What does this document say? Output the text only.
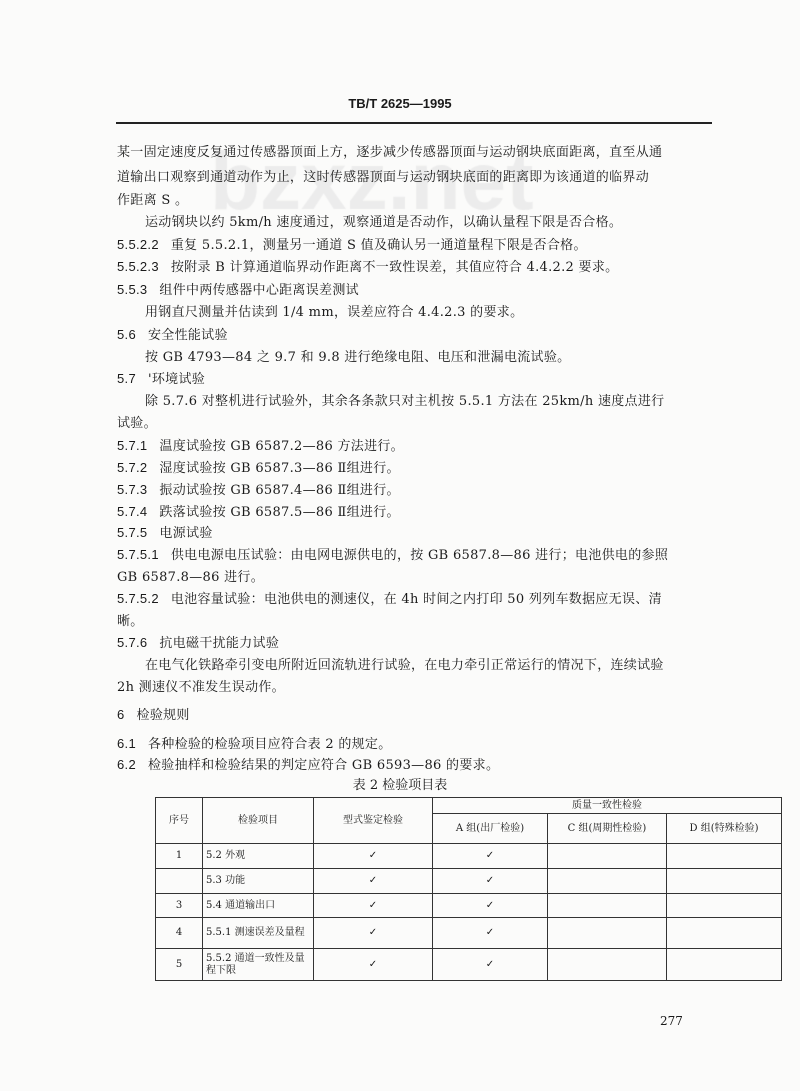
TB/T 2625—1995
某一固定速度反复通过传感器顶面上方，逐步减少传感器顶面与运动钢块底面距离，直至从通
道输出口观察到通道动作为止，这时传感器顶面与运动钢块底面的距离即为该通道的临界动
作距离 S 。
运动钢块以约 5km/h 速度通过，观察通道是否动作，以确认量程下限是否合格。
5.5.2.2 重复 5.5.2.1，测量另一通道 S 值及确认另一通道量程下限是否合格。
5.5.2.3 按附录 B 计算通道临界动作距离不一致性误差，其值应符合 4.4.2.2 要求。
5.5.3 组件中两传感器中心距离误差测试
用钢直尺测量并估读到 1/4 mm，误差应符合 4.4.2.3 的要求。
5.6 安全性能试验
按 GB 4793—84 之 9.7 和 9.8 进行绝缘电阻、电压和泄漏电流试验。
5.7 '环境试验
除 5.7.6 对整机进行试验外，其余各条款只对主机按 5.5.1 方法在 25km/h 速度点进行
试验。
5.7.1 温度试验按 GB 6587.2—86 方法进行。
5.7.2 湿度试验按 GB 6587.3—86 Ⅱ组进行。
5.7.3 振动试验按 GB 6587.4—86 Ⅱ组进行。
5.7.4 跌落试验按 GB 6587.5—86 Ⅱ组进行。
5.7.5 电源试验
5.7.5.1 供电电源电压试验：由电网电源供电的，按 GB 6587.8—86 进行；电池供电的参照
GB 6587.8—86 进行。
5.7.5.2 电池容量试验：电池供电的测速仪，在 4h 时间之内打印 50 列列车数据应无误、清
晰。
5.7.6 抗电磁干扰能力试验
在电气化铁路牵引变电所附近回流轨进行试验，在电力牵引正常运行的情况下，连续试验
2h 测速仪不准发生误动作。
6 检验规则
6.1 各种检验的检验项目应符合表 2 的规定。
6.2 检验抽样和检验结果的判定应符合 GB 6593—86 的要求。
表 2 检验项目表
序号	检验项目	型式鉴定检验	质量一致性检验		
			A 组(出厂检验)	C 组(周期性检验)	D 组(特殊检验)
1	5.2 外观	✓	✓		
	5.3 功能	✓	✓		
3	5.4 通道输出口	✓	✓		
4	5.5.1 测速误差及量程	✓	✓		
5	5.5.2 通道一致性及量程下限	✓	✓		
277
